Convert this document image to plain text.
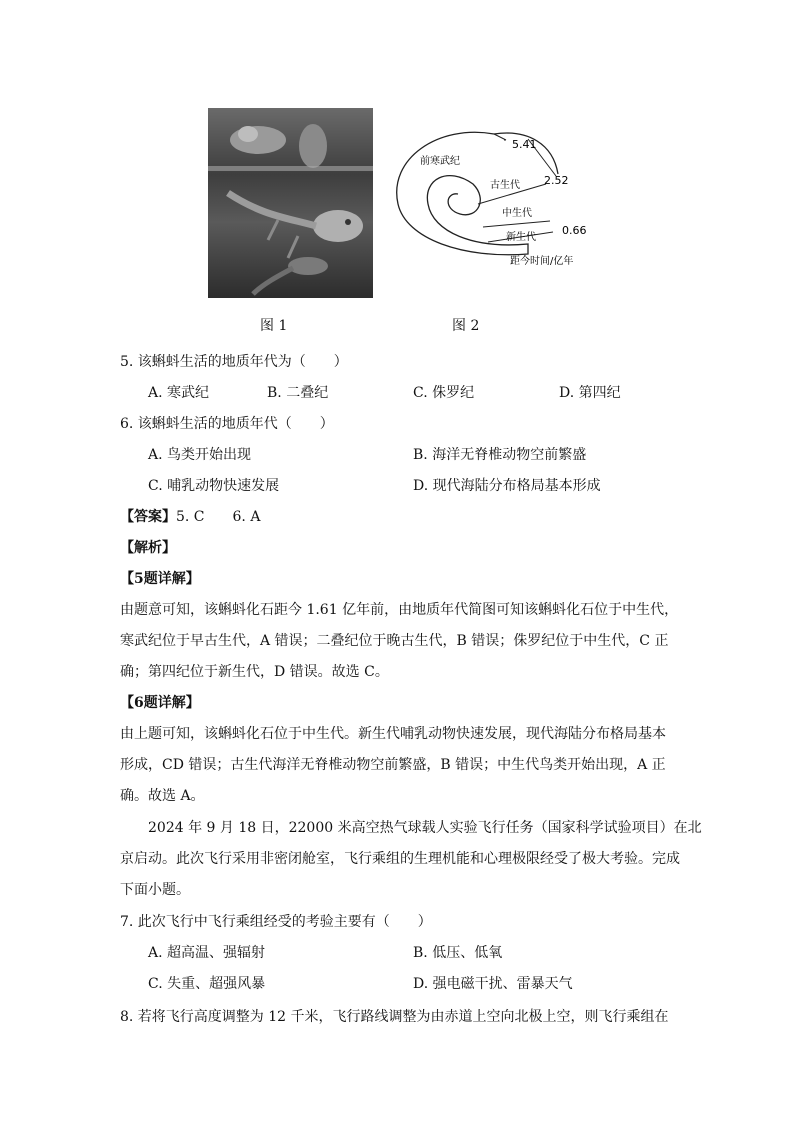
前寒武纪
古生代
中生代
新生代
5.41
2.52
0.66
距今时间/亿年
图 1	图 2
5. 该蝌蚪生活的地质年代为（　　）
A. 寒武纪	B. 二叠纪	C. 侏罗纪	D. 第四纪
6. 该蝌蚪生活的地质年代（　　）
A. 鸟类开始出现	B. 海洋无脊椎动物空前繁盛
C. 哺乳动物快速发展	D. 现代海陆分布格局基本形成
【答案】5. C　　6. A
【解析】
【5题详解】
由题意可知，该蝌蚪化石距今 1.61 亿年前，由地质年代简图可知该蝌蚪化石位于中生代，
寒武纪位于早古生代，A 错误；二叠纪位于晚古生代，B 错误；侏罗纪位于中生代，C 正
确；第四纪位于新生代，D 错误。故选 C。
【6题详解】
由上题可知，该蝌蚪化石位于中生代。新生代哺乳动物快速发展，现代海陆分布格局基本
形成，CD 错误；古生代海洋无脊椎动物空前繁盛，B 错误；中生代鸟类开始出现，A 正
确。故选 A。
2024 年 9 月 18 日，22000 米高空热气球载人实验飞行任务（国家科学试验项目）在北
京启动。此次飞行采用非密闭舱室，飞行乘组的生理机能和心理极限经受了极大考验。完成
下面小题。
7. 此次飞行中飞行乘组经受的考验主要有（　　）
A. 超高温、强辐射	B. 低压、低氧
C. 失重、超强风暴	D. 强电磁干扰、雷暴天气
8. 若将飞行高度调整为 12 千米，飞行路线调整为由赤道上空向北极上空，则飞行乘组在
